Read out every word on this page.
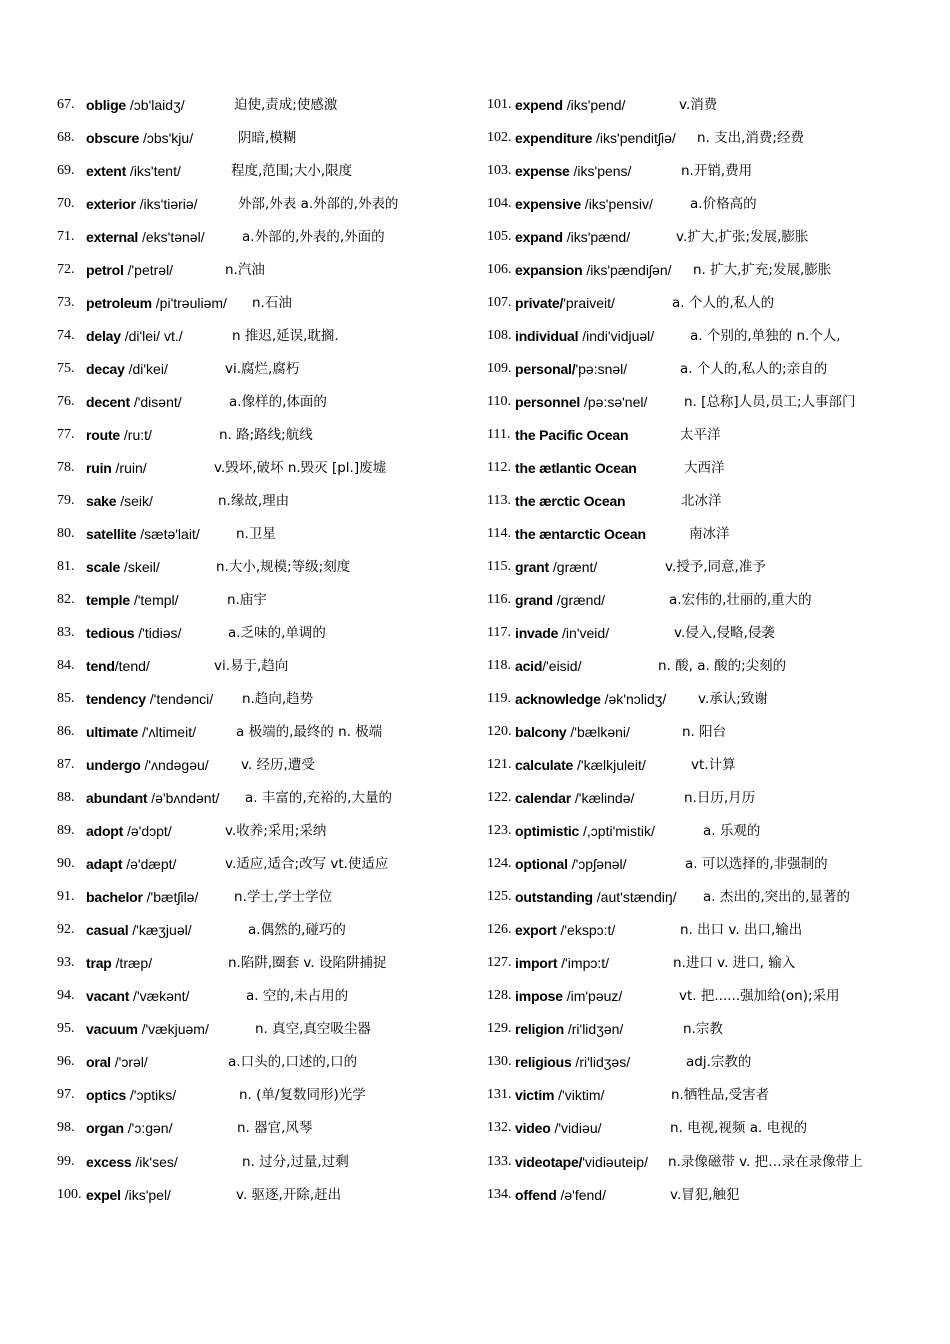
67. oblige /ɔb'laidʒ/	迫使,责成;使感激
68. obscure /ɔbs'kju/	阴暗,模糊
69. extent /iks'tent/	程度,范围;大小,限度
70. exterior /iks'tiəriə/	外部,外表 a.外部的,外表的
71. external /eks'tənəl/	a.外部的,外表的,外面的
72. petrol /'petrəl/	n.汽油
73. petroleum /pi'trəuliəm/ n.石油
74. delay /di'lei/ vt./	n 推迟,延误,耽搁.
75. decay /di'kei/	vi.腐烂,腐朽
76. decent /'disənt/	a.像样的,体面的
77. route /ru:t/	n. 路;路线;航线
78. ruin /ruin/	v.毁坏,破坏 n.毁灭 [pl.]废墟
79. sake /seik/	n.缘故,理由
80. satellite /sætə'lait/	n.卫星
81. scale /skeil/	n.大小,规模;等级;刻度
82. temple /'templ/	n.庙宇
83. tedious /'tidiəs/	a.乏味的,单调的
84. tend/tend/	vi.易于,趋向
85. tendency /'tendənci/ n.趋向,趋势
86. ultimate /'ʌltimeit/	a 极端的,最终的 n. 极端
87. undergo /'ʌndəgəu/ v. 经历,遭受
88. abundant /ə'bʌndənt/ a. 丰富的,充裕的,大量的
89. adopt /ə'dɔpt/	v.收养;采用;采纳
90. adapt /ə'dæpt/	v.适应,适合;改写 vt.使适应
91. bachelor /'bætʃilə/	n.学士,学士学位
92. casual /'kæʒjuəl/	a.偶然的,碰巧的
93. trap /træp/	n.陷阱,圈套 v. 设陷阱捕捉
94. vacant /'vækənt/	a. 空的,未占用的
95. vacuum /'vækjuəm/	n. 真空,真空吸尘器
96. oral /'ɔrəl/	a.口头的,口述的,口的
97. optics /'ɔptiks/	n. (单/复数同形)光学
98. organ /'ɔ:gən/	n. 器官,风琴
99. excess /ik'ses/	n. 过分,过量,过剩
100. expel /iks'pel/	v. 驱逐,开除,赶出
101. expend /iks'pend/	v.消费
102. expenditure /iks'penditʃiə/ n. 支出,消费;经费
103. expense /iks'pens/	n.开销,费用
104. expensive /iks'pensiv/	a.价格高的
105. expand /iks'pænd/	v.扩大,扩张;发展,膨胀
106. expansion /iks'pændiʃən/ n. 扩大,扩充;发展,膨胀
107. private/'praiveit/	a. 个人的,私人的
108. individual /indi'vidjuəl/	a. 个别的,单独的 n.个人,
109. personal/'pə:snəl/	a. 个人的,私人的;亲自的
110. personnel /pə:sə'nel/	n. [总称]人员,员工;人事部门
111. the Pacific Ocean	太平洋
112. the ætlantic Ocean	大西洋
113. the ærctic Ocean	北冰洋
114. the æntarctic Ocean	南冰洋
115. grant /grænt/	v.授予,同意,准予
116. grand /grænd/	a.宏伟的,壮丽的,重大的
117. invade /in'veid/	v.侵入,侵略,侵袭
118. acid/'eisid/	n. 酸, a. 酸的;尖刻的
119. acknowledge /ək'nɔlidʒ/ v.承认;致谢
120. balcony /'bælkəni/	n. 阳台
121. calculate /'kælkjuleit/	vt.计算
122. calendar /'kælində/	n.日历,月历
123. optimistic /,ɔpti'mistik/	a. 乐观的
124. optional /'ɔpʃənəl/	a. 可以选择的,非强制的
125. outstanding /aut'stændiŋ/ a. 杰出的,突出的,显著的
126. export /'ekspɔ:t/	n. 出口 v. 出口,输出
127. import /'impɔ:t/	n.进口 v. 进口, 输入
128. impose /im'pəuz/	vt. 把......强加给(on);采用
129. religion /ri'lidʒən/	n.宗教
130. religious /ri'lidʒəs/	adj.宗教的
131. victim /'viktim/	n.牺牲品,受害者
132. video /'vidiəu/	n. 电视,视频 a. 电视的
133. videotape/'vidiəuteip/ n.录像磁带 v. 把…录在录像带上
134. offend /ə'fend/	v.冒犯,触犯
